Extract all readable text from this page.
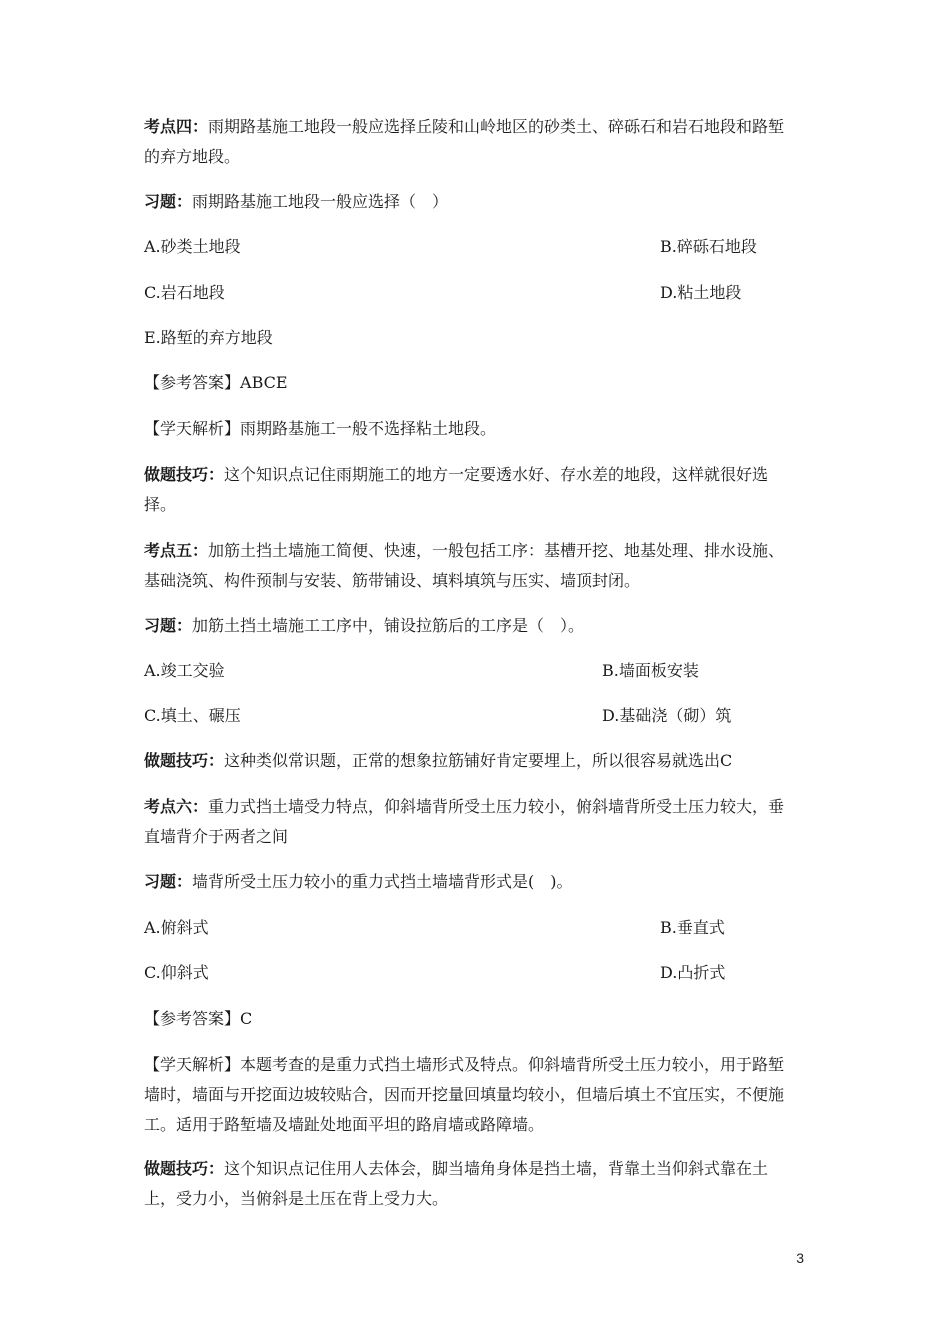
考点四：雨期路基施工地段一般应选择丘陵和山岭地区的砂类土、碎砾石和岩石地段和路堑的弃方地段。

习题：雨期路基施工地段一般应选择（　）

A.砂类土地段	B.碎砾石地段
C.岩石地段	D.粘土地段
E.路堑的弃方地段

【参考答案】ABCE

【学天解析】雨期路基施工一般不选择粘土地段。

做题技巧：这个知识点记住雨期施工的地方一定要透水好、存水差的地段，这样就很好选择。

考点五：加筋土挡土墙施工简便、快速，一般包括工序：基槽开挖、地基处理、排水设施、基础浇筑、构件预制与安装、筋带铺设、填料填筑与压实、墙顶封闭。

习题：加筋土挡土墙施工工序中，铺设拉筋后的工序是（　）。

A.竣工交验	B.墙面板安装
C.填土、碾压	D.基础浇（砌）筑

做题技巧：这种类似常识题，正常的想象拉筋铺好肯定要埋上，所以很容易就选出C

考点六：重力式挡土墙受力特点，仰斜墙背所受土压力较小，俯斜墙背所受土压力较大，垂直墙背介于两者之间

习题：墙背所受土压力较小的重力式挡土墙墙背形式是(　)。

A.俯斜式	B.垂直式
C.仰斜式	D.凸折式

【参考答案】C

【学天解析】本题考查的是重力式挡土墙形式及特点。仰斜墙背所受土压力较小，用于路堑墙时，墙面与开挖面边坡较贴合，因而开挖量回填量均较小，但墙后填土不宜压实，不便施工。适用于路堑墙及墙趾处地面平坦的路肩墙或路障墙。

做题技巧：这个知识点记住用人去体会，脚当墙角身体是挡土墙，背靠土当仰斜式靠在土上，受力小，当俯斜是土压在背上受力大。

3
